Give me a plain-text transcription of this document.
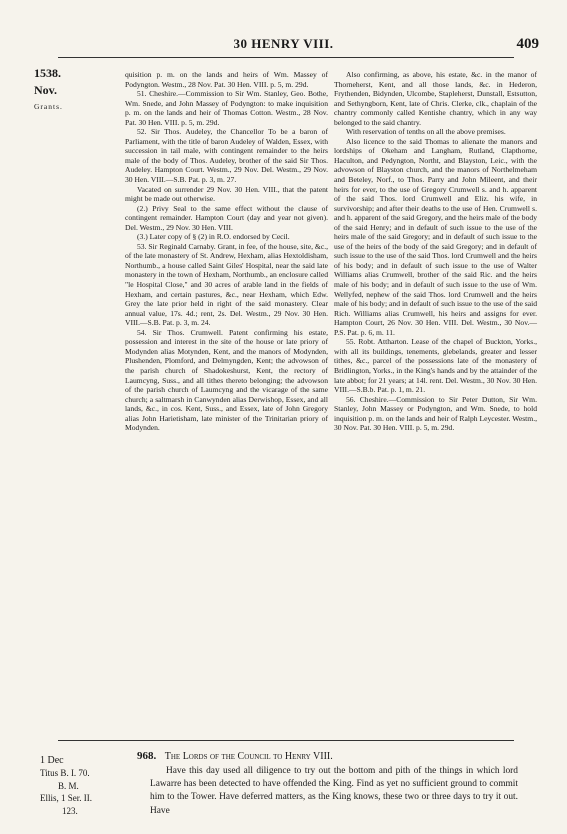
30 HENRY VIII.	409
1538.
Nov.
Grants.

quisition p. m. on the lands and heirs of Wm. Massey of Podyngton. Westm., 28 Nov. Pat. 30 Hen. VIII. p. 5, m. 29d.

51. Cheshire.—Commission to Sir Wm. Stanley, Geo. Bothe, Wm. Snede, and John Massey of Podyngton: to make inquisition p. m. on the lands and heir of Thomas Cotton. Westm., 28 Nov. Pat. 30 Hen. VIII. p. 5, m. 29d.

52. Sir Thos. Audeley, the Chancellor To be a baron of Parliament, with the title of baron Audeley of Walden, Essex, with succession in tail male, with contingent remainder to the heirs male of the body of Thos. Audeley, brother of the said Sir Thos. Audeley. Hampton Court. Westm., 29 Nov. Del. Westm., 29 Nov. 30 Hen. VIII.—S.B. Pat. p. 3, m. 27.

Vacated on surrender 29 Nov. 30 Hen. VIII., that the patent might be made out otherwise.

(2.) Privy Seal to the same effect without the clause of contingent remainder. Hampton Court (day and year not given). Del. Westm., 29 Nov. 30 Hen. VIII.

(3.) Later copy of § (2) in R.O. endorsed by Cecil.

53. Sir Reginald Carnaby. Grant, in fee, of the house, site, &c., of the late monastery of St. Andrew, Hexham, alias Hextoldisham, Northumb., a house called Saint Giles' Hospital, near the said late monastery in the town of Hexham, Northumb., an enclosure called "le Hospital Close," and 30 acres of arable land in the fields of Hexham, and certain pastures, &c., near Hexham, which Edw. Grey the late prior held in right of the said monastery. Clear annual value, 17s. 4d.; rent, 2s. Del. Westm., 29 Nov. 30 Hen. VIII.—S.B. Pat. p. 3, m. 24.

54. Sir Thos. Crumwell. Patent confirming his estate, possession and interest in the site of the house or late priory of Modynden alias Motynden, Kent, and the manors of Modynden, Plushenden, Plomford, and Delmyngden, Kent; the advowson of the parish church of Shadokeshurst, Kent, the rectory of Laumcyng, Suss., and all tithes thereto belonging; the advowson of the parish church of Laumcyng and the vicarage of the same church; a saltmarsh in Canwynden alias Derwishop, Essex, and all lands, &c., in cos. Kent, Suss., and Essex, late of John Gregory alias John Harietisham, late minister of the Trinitarian priory of Modynden.

Also confirming, as above, his estate, &c. in the manor of Thorneherst, Kent, and all those lands, &c. in Hederon, Frythenden, Bidynden, Ulcombe, Stapleherst, Dunstall, Estsutton, and Sethyngborn, Kent, late of Chris. Clerke, clk., chaplain of the chantry commonly called Kentishe chantry, which in any way belonged to the said chantry.

With reservation of tenths on all the above premises.

Also licence to the said Thomas to alienate the manors and lordships of Okeham and Langham, Rutland, Clapthorne, Haculton, and Pedyngton, Northt, and Blayston, Leic., with the advowson of Blayston church, and the manors of Northelmeham and Beteley, Norf., to Thos. Parry and John Mileent, and their heirs for ever, to the use of Gregory Crumwell s. and h. apparent of the said Thos. lord Crumwell and Eliz. his wife, in survivorship; and after their deaths to the use of Hen. Crumwell s. and h. apparent of the said Gregory, and the heirs male of the body of the said Henry; and in default of such issue to the use of the heirs male of the said Gregory; and in default of such issue to the use of the heirs of the body of the said Gregory; and in default of such issue to the use of the said Thos. lord Crumwell and the heirs of his body; and in default of such issue to the use of Walter Williams alias Crumwell, brother of the said Ric. and the heirs male of his body; and in default of such issue to the use of Wm. Wellyfed, nephew of the said Thos. lord Crumwell and the heirs male of his body; and in default of such issue to the use of the said Rich. Williams alias Crumwell, his heirs and assigns for ever. Hampton Court, 26 Nov. 30 Hen. VIII. Del. Westm., 30 Nov.—P.S. Pat. p. 6, m. 11.

55. Robt. Attharton. Lease of the chapel of Buckton, Yorks., with all its buildings, tenements, glebelands, greater and lesser tithes, &c., parcel of the possessions late of the monastery of Bridlington, Yorks., in the King's hands and by the attainder of the late abbot; for 21 years; at 14l. rent. Del. Westm., 30 Nov. 30 Hen. VIII.—S.B.b. Pat. p. 1, m. 21.

56. Cheshire.—Commission to Sir Peter Dutton, Sir Wm. Stanley, John Massey or Podyngton, and Wm. Snede, to hold inquisition p. m. on the lands and heir of Ralph Leycester. Westm., 30 Nov. Pat. 30 Hen. VIII. p. 5, m. 29d.

1 Dec
Titus B. I. 70.
B. M.
Ellis, 1 Ser. II.
123.
968. The Lords of the Council to Henry VIII.
Have this day used all diligence to try out the bottom and pith of the things in which lord Lawarre has been detected to have offended the King. Find as yet no sufficient ground to commit him to the Tower. Have deferred matters, as the King knows, these two or three days to try it out. Have
